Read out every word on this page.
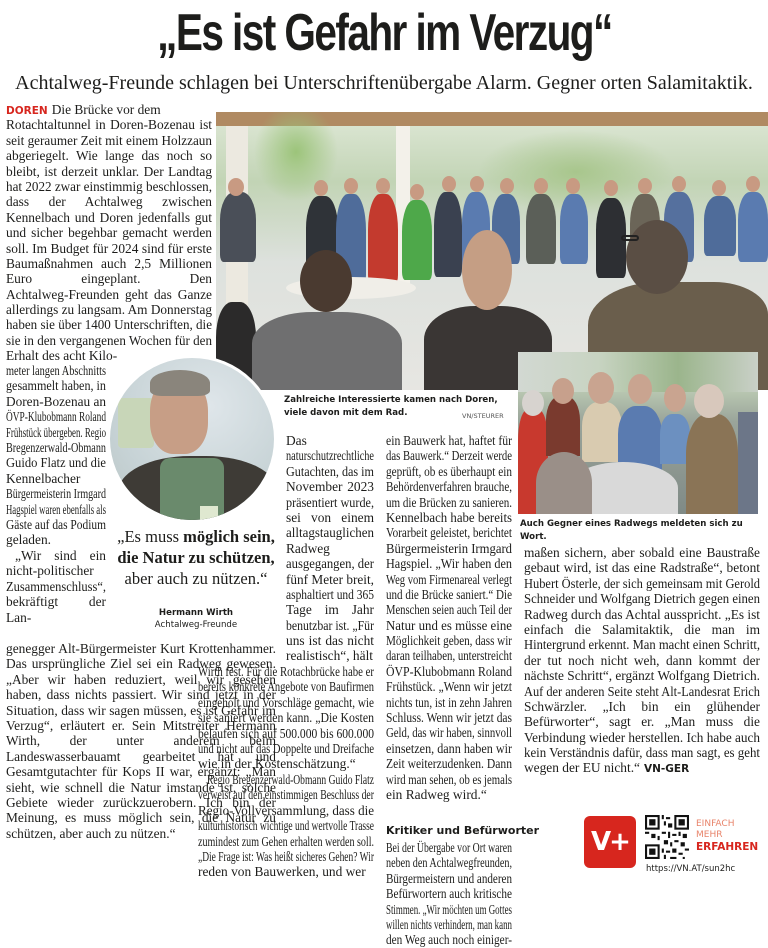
„Es ist Gefahr im Verzug“
Achtalweg-Freunde schlagen bei Unterschriftenübergabe Alarm. Gegner orten Salamitaktik.
Zahlreiche Interessierte kamen nach Doren, viele davon mit dem Rad.	VN/STEURER
Auch Gegner eines Radwegs meldeten sich zu Wort.
„Es muss möglich sein, die Natur zu schützen, aber auch zu nützen.“
Hermann Wirth
Achtalweg-Freunde
DOREN Die Brücke vor dem
Rotachtaltunnel in Doren-Bozenau ist
seit geraumer Zeit mit einem Holzzaun
abgeriegelt. Wie lange das noch so
bleibt, ist derzeit unklar. Der Landtag
hat 2022 zwar einstimmig beschlossen,
dass der Achtalweg zwischen
Kennelbach und Doren jedenfalls gut
und sicher begehbar gemacht werden
soll. Im Budget für 2024 sind für erste
Baumaßnahmen auch 2,5 Millionen
Euro eingeplant. Den
Achtalweg-Freunden geht das Ganze
allerdings zu langsam. Am Donnerstag
haben sie über 1400 Unterschriften, die
sie in den vergangenen Wochen für den
Erhalt des acht Kilo-
meter langen Abschnitts
gesammelt haben, in
Doren-Bozenau an
ÖVP-Klubobmann Roland
Frühstück übergeben. Regio
Bregenzerwald-Obmann
Guido Flatz und die
Kennelbacher
Bürgermeisterin Irmgard
Hagspiel waren ebenfalls als
Gäste auf das Podium
geladen.
„Wir sind ein
nicht-politischer
Zusammenschluss“,
bekräftigt der
Lan-
genegger Alt-Bürgermeister Kurt Krottenhammer.
Das ursprüngliche Ziel sei ein Radweg gewesen.
„Aber wir haben reduziert, weil wir gesehen
haben, dass nichts passiert. Wir sind jetzt in der
Situation, dass wir sagen müssen, es ist Gefahr im
Verzug“, erläutert er. Sein Mitstreiter Hermann
Wirth, der unter anderem beim
Landeswasserbauamt gearbeitet hat und
Gesamtgutachter für Kops II war, ergänzt: „Man
sieht, wie schnell die Natur imstande ist, solche
Gebiete wieder zurückzuerobern. Ich bin der
Meinung, es muss möglich sein, die Natur zu
schützen, aber auch zu nützen.“
Das
naturschutzrechtliche
Gutachten, das im
November 2023
präsentiert wurde,
sei von einem
alltagstauglichen
Radweg
ausgegangen, der
fünf Meter breit,
asphaltiert und 365
Tage im Jahr
benutzbar ist. „Für
uns ist das nicht
realistisch“, hält
Wirth fest. Für die Rotachbrücke habe er
bereits konkrete Angebote von Baufirmen
eingeholt und Vorschläge gemacht, wie
sie saniert werden kann. „Die Kosten
belaufen sich auf 500.000 bis 600.000
und nicht auf das Doppelte und Dreifache
wie in der Kostenschätzung.“
Regio Bregenzerwald-Obmann Guido Flatz
verweist auf den einstimmigen Beschluss der
Regio-Vollversammlung, dass die
kulturhistorisch wichtige und wertvolle Trasse
zumindest zum Gehen erhalten werden soll.
„Die Frage ist: Was heißt sicheres Gehen? Wir
reden von Bauwerken, und wer
ein Bauwerk hat, haftet für
das Bauwerk.“ Derzeit werde
geprüft, ob es überhaupt ein
Behördenverfahren brauche,
um die Brücken zu sanieren.
Kennelbach habe bereits
Vorarbeit geleistet, berichtet
Bürgermeisterin Irmgard
Hagspiel. „Wir haben den
Weg vom Firmenareal verlegt
und die Brücke saniert.“ Die
Menschen seien auch Teil der
Natur und es müsse eine
Möglichkeit geben, dass wir
daran teilhaben, unterstreicht
ÖVP-Klubobmann Roland
Frühstück. „Wenn wir jetzt
nichts tun, ist in zehn Jahren
Schluss. Wenn wir jetzt das
Geld, das wir haben, sinnvoll
einsetzen, dann haben wir
Zeit weiterzudenken. Dann
wird man sehen, ob es jemals
ein Radweg wird.“
Kritiker und Befürworter
Bei der Übergabe vor Ort waren
neben den Achtalwegfreunden,
Bürgermeistern und anderen
Befürwortern auch kritische
Stimmen. „Wir möchten um Gottes
willen nichts verhindern, man kann
den Weg auch noch einiger-
maßen sichern, aber sobald eine Baustraße
gebaut wird, ist das eine Radstraße“, betont
Hubert Österle, der sich gemeinsam mit Gerold
Schneider und Wolfgang Dietrich gegen einen
Radweg durch das Achtal ausspricht. „Es ist
einfach die Salamitaktik, die man im
Hintergrund erkennt. Man macht einen Schritt,
der tut noch nicht weh, dann kommt der
nächste Schritt“, ergänzt Wolfgang Dietrich.
Auf der anderen Seite steht Alt-Landesrat Erich
Schwärzler. „Ich bin ein glühender
Befürworter“, sagt er. „Man muss die
Verbindung wieder herstellen. Ich habe auch
kein Verständnis dafür, dass man sagt, es geht
wegen der EU nicht.“ VN-GER
V+
EINFACH
MEHR
ERFAHREN
https://VN.AT/sun2hc
